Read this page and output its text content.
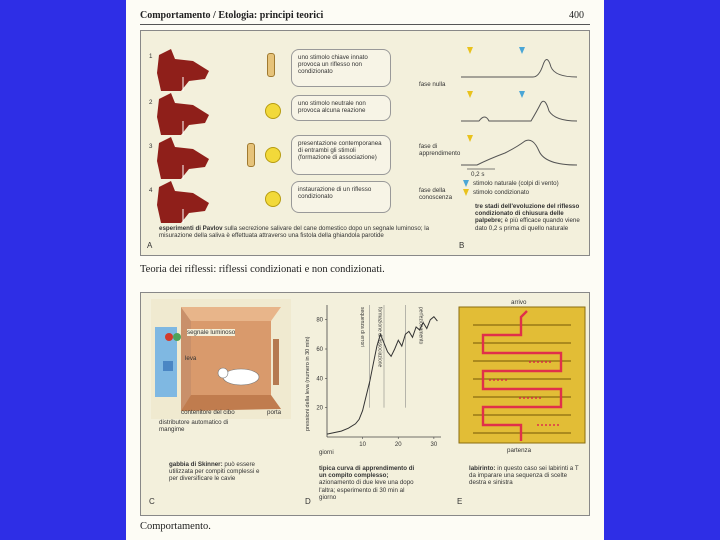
Comportamento / Etologia: principi teorici	400
1
2
3
4
uno stimolo chiave innato provoca un riflesso non condizionato
uno stimolo neutrale non provoca alcuna reazione
presentazione contemporanea di entrambi gli stimoli (formazione di associazione)
instaurazione di un riflesso condizionato
fase nulla
fase di apprendimento
fase della conoscenza
esperimenti di Pavlov sulla secrezione salivare del cane domestico dopo un segnale luminoso; la misurazione della saliva è effettuata attraverso una fistola della ghiandola parotide
A
0,2 s
stimolo naturale (colpi di vento)
stimolo condizionato
tre stadi dell'evoluzione del riflesso condizionato di chiusura delle palpebre; è più efficace quando viene dato 0,2 s prima di quello naturale
B
Teoria dei riflessi: riflessi condizionati e non condizionati.
segnale luminoso
leva
contenitore del cibo	porta
distributore automatico di mangime
gabbia di Skinner: può essere utilizzata per compiti complessi e per diversificare le cavie
C
20
40
60
80
10	20	30
giorni
pressioni della leva (numero in 30 min)
sequenza di errori formazione di associazione	perfezionamento
tipica curva di apprendimento di un compito complesso; azionamento di due leve una dopo l'altra; esperimento di 30 min al giorno
D
arrivo
partenza
labirinto: in questo caso sei labirinti a T da imparare una sequenza di scelte destra e sinistra
E
Comportamento.
